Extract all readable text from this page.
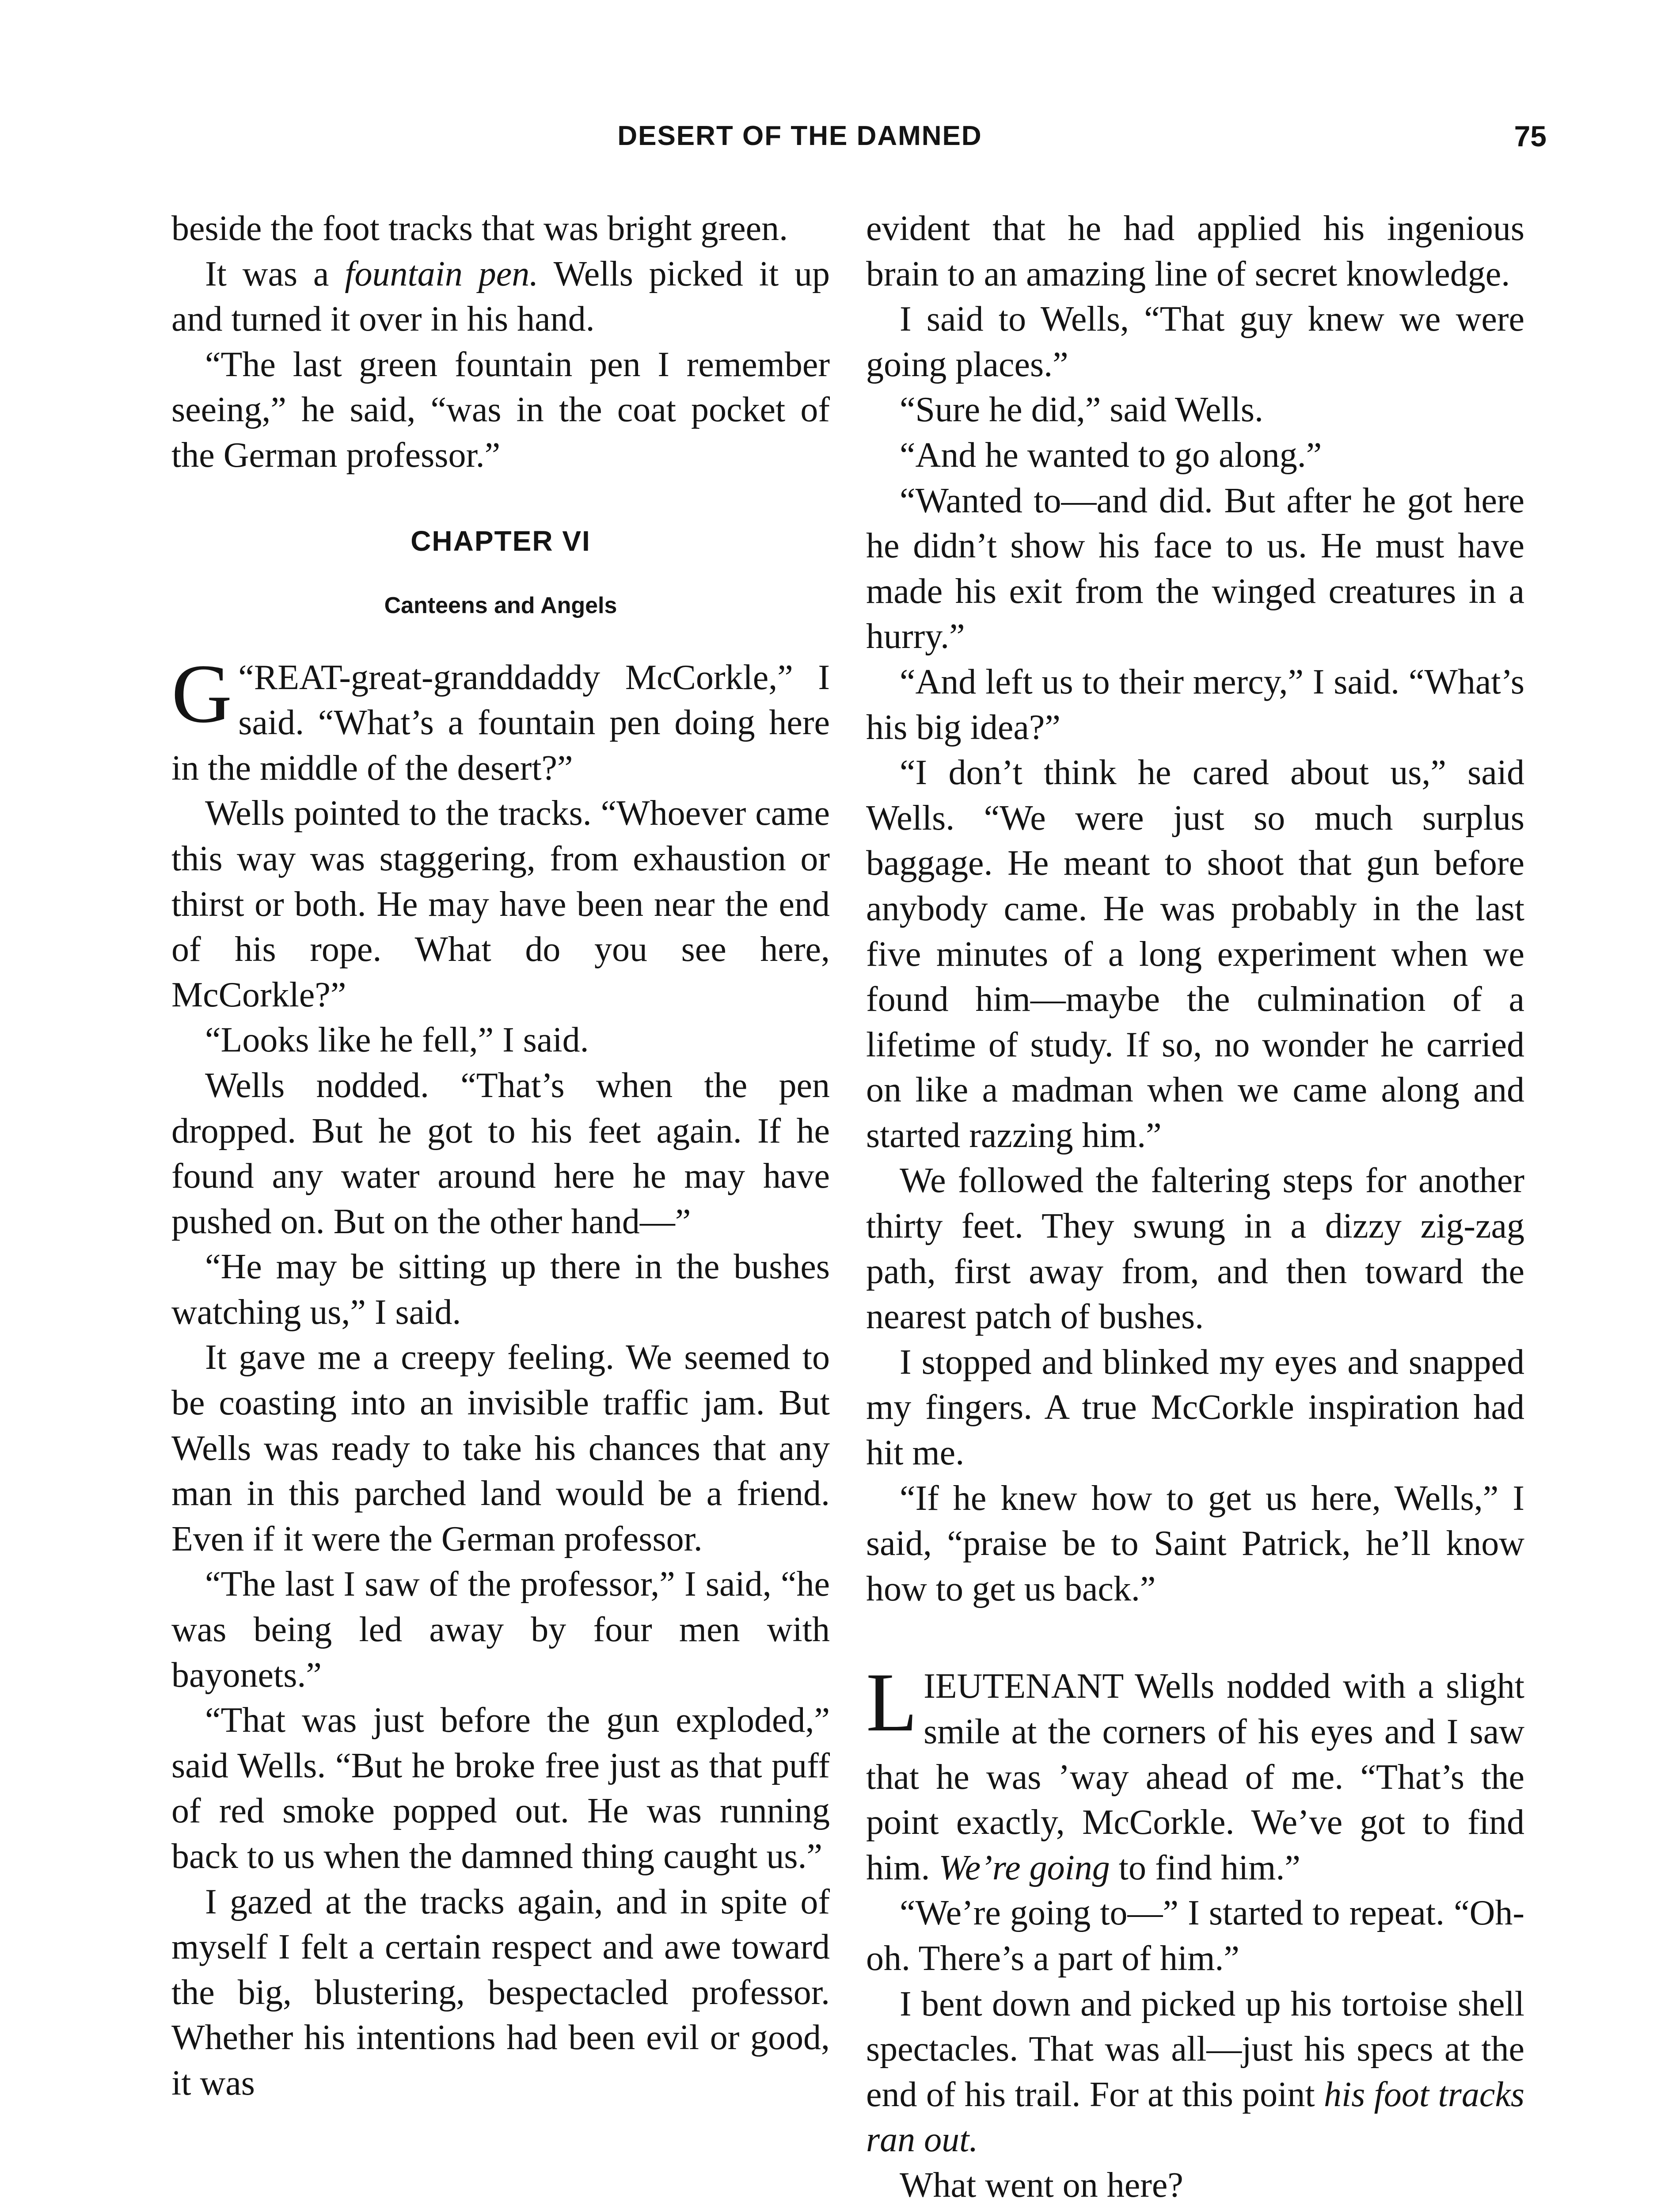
DESERT OF THE DAMNED	75

beside the foot tracks that was bright green.

It was a fountain pen. Wells picked it up and turned it over in his hand.

“The last green fountain pen I remember seeing,” he said, “was in the coat pocket of the German professor.”

CHAPTER VI
Canteens and Angels

“
G REAT-great-granddaddy McCorkle,” I said. “What’s a fountain pen doing here in the middle of the desert?”

Wells pointed to the tracks. “Whoever came this way was staggering, from exhaustion or thirst or both. He may have been near the end of his rope. What do you see here, McCorkle?”

“Looks like he fell,” I said.

Wells nodded. “That’s when the pen dropped. But he got to his feet again. If he found any water around here he may have pushed on. But on the other hand—”

“He may be sitting up there in the bushes watching us,” I said.

It gave me a creepy feeling. We seemed to be coasting into an invisible traffic jam. But Wells was ready to take his chances that any man in this parched land would be a friend. Even if it were the German professor.

“The last I saw of the professor,” I said, “he was being led away by four men with bayonets.”

“That was just before the gun exploded,” said Wells. “But he broke free just as that puff of red smoke popped out. He was running back to us when the damned thing caught us.”

I gazed at the tracks again, and in spite of myself I felt a certain respect and awe toward the big, blustering, bespectacled professor. Whether his intentions had been evil or good, it was

evident that he had applied his ingenious brain to an amazing line of secret knowledge.

I said to Wells, “That guy knew we were going places.”

“Sure he did,” said Wells.

“And he wanted to go along.”

“Wanted to—and did. But after he got here he didn’t show his face to us. He must have made his exit from the winged creatures in a hurry.”

“And left us to their mercy,” I said. “What’s his big idea?”

“I don’t think he cared about us,” said Wells. “We were just so much surplus baggage. He meant to shoot that gun before anybody came. He was probably in the last five minutes of a long experiment when we found him—maybe the culmination of a lifetime of study. If so, no wonder he carried on like a madman when we came along and started razzing him.”

We followed the faltering steps for another thirty feet. They swung in a dizzy zig-zag path, first away from, and then toward the nearest patch of bushes.

I stopped and blinked my eyes and snapped my fingers. A true McCorkle inspiration had hit me.

“If he knew how to get us here, Wells,” I said, “praise be to Saint Patrick, he’ll know how to get us back.”

LIEUTENANT Wells nodded with a slight smile at the corners of his eyes and I saw that he was ’way ahead of me. “That’s the point exactly, McCorkle. We’ve got to find him. We’re going to find him.”

“We’re going to—” I started to repeat. “Oh-oh. There’s a part of him.”

I bent down and picked up his tortoise shell spectacles. That was all—just his specs at the end of his trail. For at this point his foot tracks ran out.

What went on here?
